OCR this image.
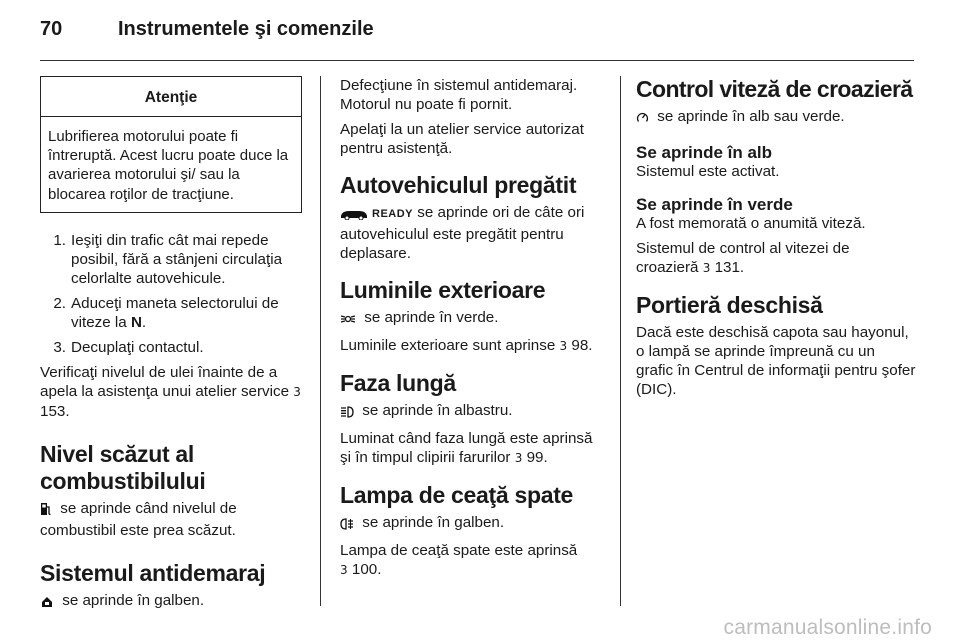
70	Instrumentele şi comenzile
Atenţie
Lubrifierea motorului poate fi întreruptă. Acest lucru poate duce la avarierea motorului şi/ sau la blocarea roţilor de tracţiune.
1. Ieşiţi din trafic cât mai repede posibil, fără a stânjeni circulaţia celorlalte autovehicule.
2. Aduceţi maneta selectorului de viteze la N.
3. Decuplaţi contactul.

Verificaţi nivelul de ulei înainte de a apela la asistenţa unui atelier service 3 153.

Nivel scăzut al combustibilului

se aprinde când nivelul de combustibil este prea scăzut.

Sistemul antidemaraj

se aprinde în galben.

Defecţiune în sistemul antidemaraj. Motorul nu poate fi pornit.

Apelaţi la un atelier service autorizat pentru asistenţă.

Autovehiculul pregătit

READY se aprinde ori de câte ori autovehiculul este pregătit pentru deplasare.

Luminile exterioare

se aprinde în verde.

Luminile exterioare sunt aprinse 3 98.

Faza lungă

se aprinde în albastru.

Luminat când faza lungă este aprinsă şi în timpul clipirii farurilor 3 99.

Lampa de ceaţă spate

se aprinde în galben.

Lampa de ceaţă spate este aprinsă
3 100.

Control viteză de croazieră

se aprinde în alb sau verde.

Se aprinde în alb

Sistemul este activat.

Se aprinde în verde

A fost memorată o anumită viteză.

Sistemul de control al vitezei de croazieră 3 131.

Portieră deschisă

Dacă este deschisă capota sau hayonul, o lampă se aprinde împreună cu un grafic în Centrul de informaţii pentru şofer (DIC).

carmanualsonline.info
